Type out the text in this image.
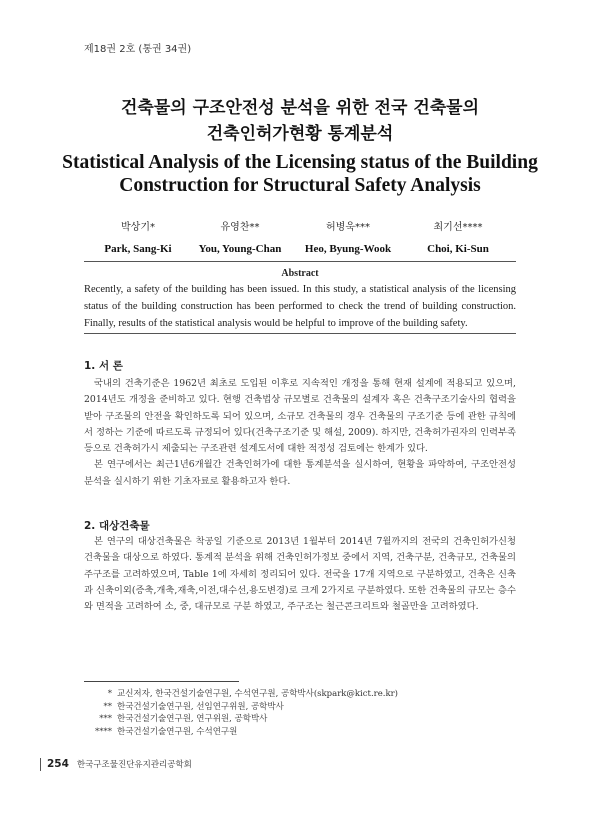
제18권 2호 (통권 34권)
건축물의 구조안전성 분석을 위한 전국 건축물의
건축인허가현황 통계분석
Statistical Analysis of the Licensing status of the Building
Construction for Structural Safety Analysis
박상기*
Park, Sang-Ki
유영찬**
You, Young-Chan
허병욱***
Heo, Byung-Wook
최기선****
Choi, Ki-Sun
Abstract
Recently, a safety of the building has been issued. In this study, a statistical analysis of the licensing status of the building construction has been performed to check the trend of building construction. Finally, results of the statistical analysis would be helpful to improve of the building safety.
1. 서 론

국내의 건축기준은 1962년 최초로 도입된 이후로 지속적인 개정을 통해 현재 설계에 적용되고 있으며, 2014년도 개정을 준비하고 있다. 현행 건축법상 규모별로 건축물의 설계자 혹은 건축구조기술사의 협력을 받아 구조물의 안전을 확인하도록 되어 있으며, 소규모 건축물의 경우 건축물의 구조기준 등에 관한 규칙에서 정하는 기준에 따르도록 규정되어 있다(건축구조기준 및 해설, 2009). 하지만, 건축허가권자의 인력부족 등으로 건축허가시 제출되는 구조관련 설계도서에 대한 적정성 검토에는 한계가 있다.

본 연구에서는 최근1년6개월간 건축인허가에 대한 통계분석을 실시하여, 현황을 파악하여, 구조안전성 분석을 실시하기 위한 기초자료로 활용하고자 한다.

2. 대상건축물

본 연구의 대상건축물은 착공일 기준으로 2013년 1월부터 2014년 7월까지의 전국의 건축인허가신청 건축물을 대상으로 하였다. 통계적 분석을 위해 건축인허가정보 중에서 지역, 건축구분, 건축규모, 건축물의 주구조를 고려하였으며, Table 1에 자세히 정리되어 있다. 전국을 17개 지역으로 구분하였고, 건축은 신축과 신축이외(증축,개축,재축,이전,대수선,용도변경)로 크게 2가지로 구분하였다. 또한 건축물의 규모는 층수와 면적을 고려하여 소, 중, 대규모로 구분 하였고, 주구조는 철근콘크리트와 철골만을 고려하였다.

* 교신저자, 한국건설기술연구원, 수석연구원, 공학박사(skpark@kict.re.kr)
** 한국건설기술연구원, 선임연구위원, 공학박사
*** 한국건설기술연구원, 연구위원, 공학박사
**** 한국건설기술연구원, 수석연구원
254 한국구조물진단유지관리공학회
